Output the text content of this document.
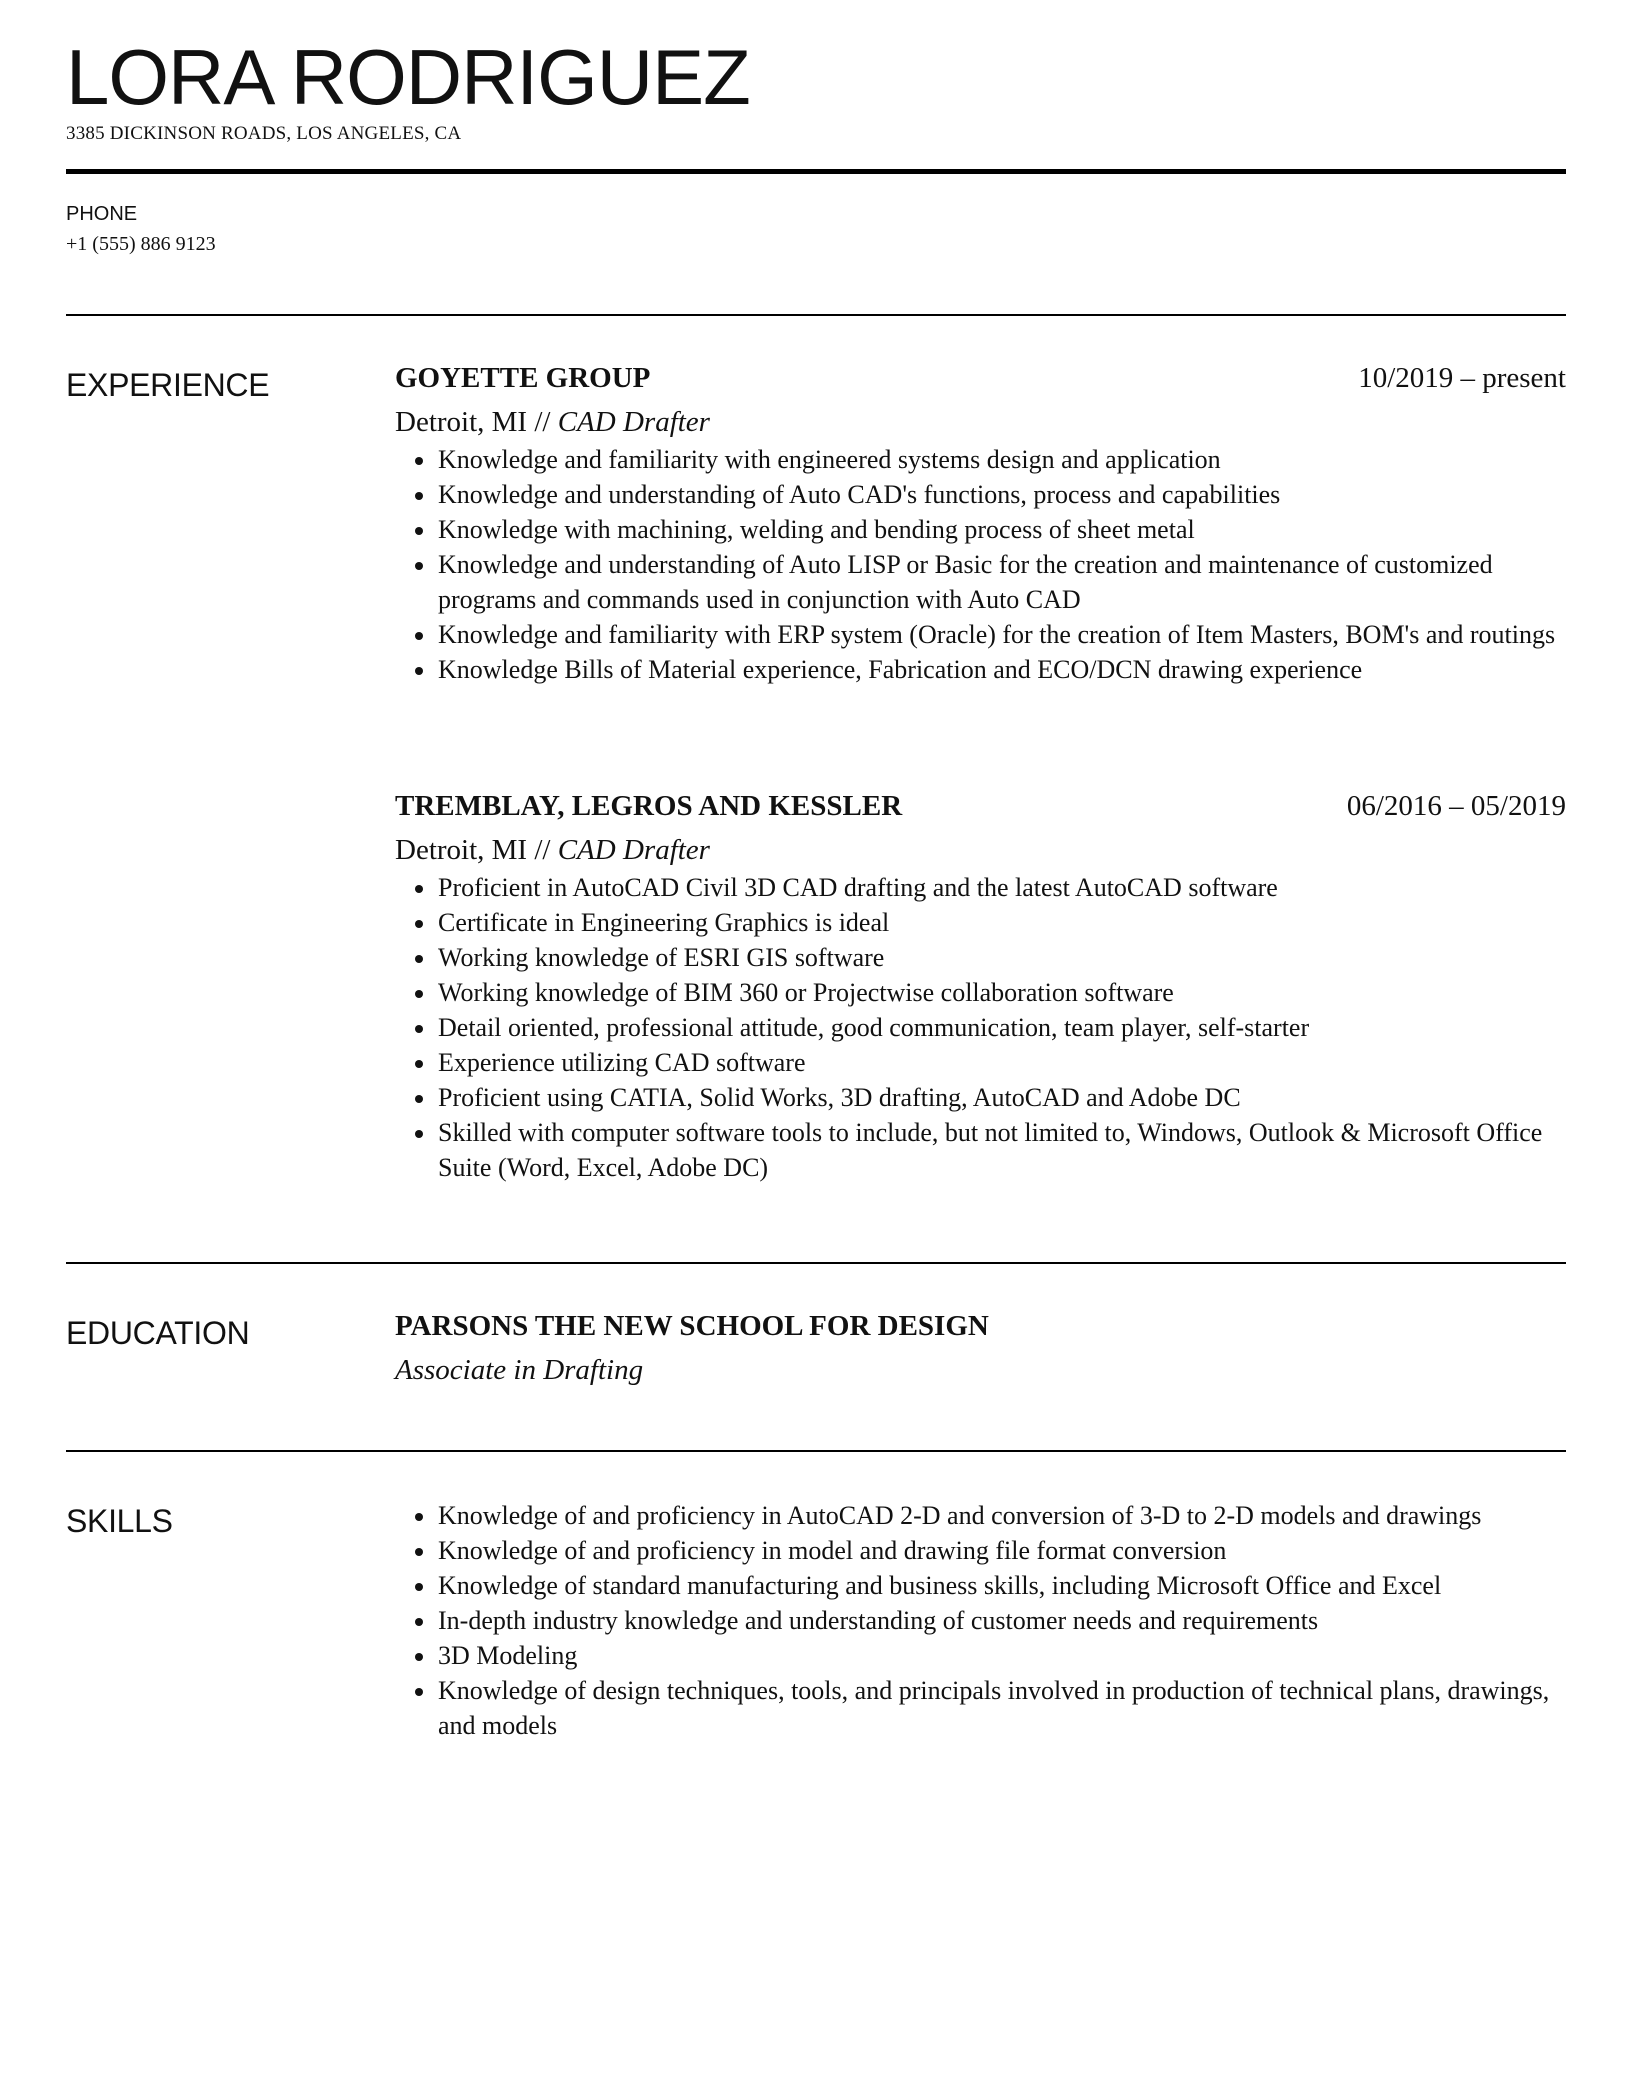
LORA RODRIGUEZ
3385 DICKINSON ROADS, LOS ANGELES, CA
PHONE
+1 (555) 886 9123
EXPERIENCE	GOYETTE GROUP	10/2019 – present
Detroit, MI // CAD Drafter
Knowledge and familiarity with engineered systems design and application
Knowledge and understanding of Auto CAD's functions, process and capabilities
Knowledge with machining, welding and bending process of sheet metal
Knowledge and understanding of Auto LISP or Basic for the creation and maintenance of customized programs and commands used in conjunction with Auto CAD
Knowledge and familiarity with ERP system (Oracle) for the creation of Item Masters, BOM's and routings
Knowledge Bills of Material experience, Fabrication and ECO/DCN drawing experience
TREMBLAY, LEGROS AND KESSLER	06/2016 – 05/2019
Detroit, MI // CAD Drafter
Proficient in AutoCAD Civil 3D CAD drafting and the latest AutoCAD software
Certificate in Engineering Graphics is ideal
Working knowledge of ESRI GIS software
Working knowledge of BIM 360 or Projectwise collaboration software
Detail oriented, professional attitude, good communication, team player, self-starter
Experience utilizing CAD software
Proficient using CATIA, Solid Works, 3D drafting, AutoCAD and Adobe DC
Skilled with computer software tools to include, but not limited to, Windows, Outlook & Microsoft Office Suite (Word, Excel, Adobe DC)
EDUCATION	PARSONS THE NEW SCHOOL FOR DESIGN
Associate in Drafting
SKILLS	Knowledge of and proficiency in AutoCAD 2-D and conversion of 3-D to 2-D models and drawings
Knowledge of and proficiency in model and drawing file format conversion
Knowledge of standard manufacturing and business skills, including Microsoft Office and Excel
In-depth industry knowledge and understanding of customer needs and requirements
3D Modeling
Knowledge of design techniques, tools, and principals involved in production of technical plans, drawings, and models
